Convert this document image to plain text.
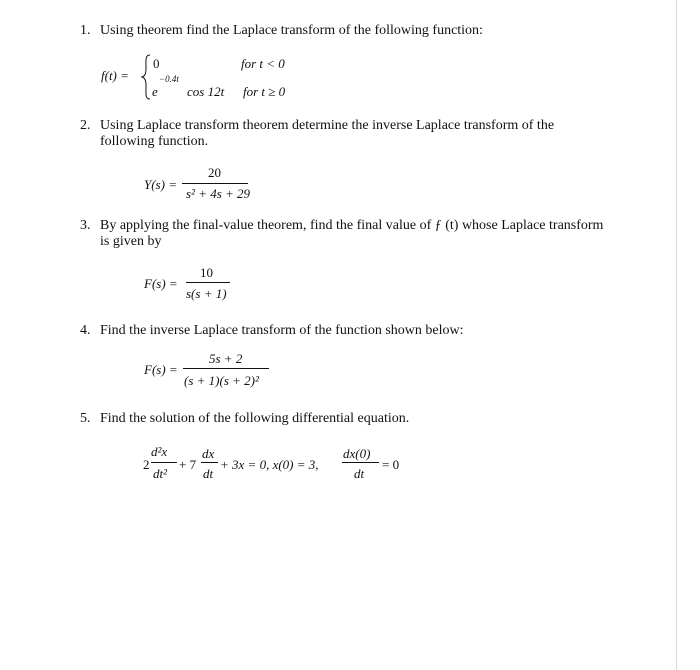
1. Using theorem find the Laplace transform of the following function:
f(t) =
0	for t < 0
e
−0.4t
cos 12t for t ≥ 0
2. Using Laplace transform theorem determine the inverse Laplace transform of the
following function.
Y(s) =
20
s² + 4s + 29
3. By applying the final-value theorem, find the final value of ƒ (t) whose Laplace transform
is given by
F(s) =
10
s(s + 1)
4. Find the inverse Laplace transform of the function shown below:
F(s) =
5s + 2
(s + 1)(s + 2)²
5. Find the solution of the following differential equation.
2
d²x
dt²
+ 7
dx
dt
+ 3x = 0, x(0) = 3,
dx(0)
dt
= 0
